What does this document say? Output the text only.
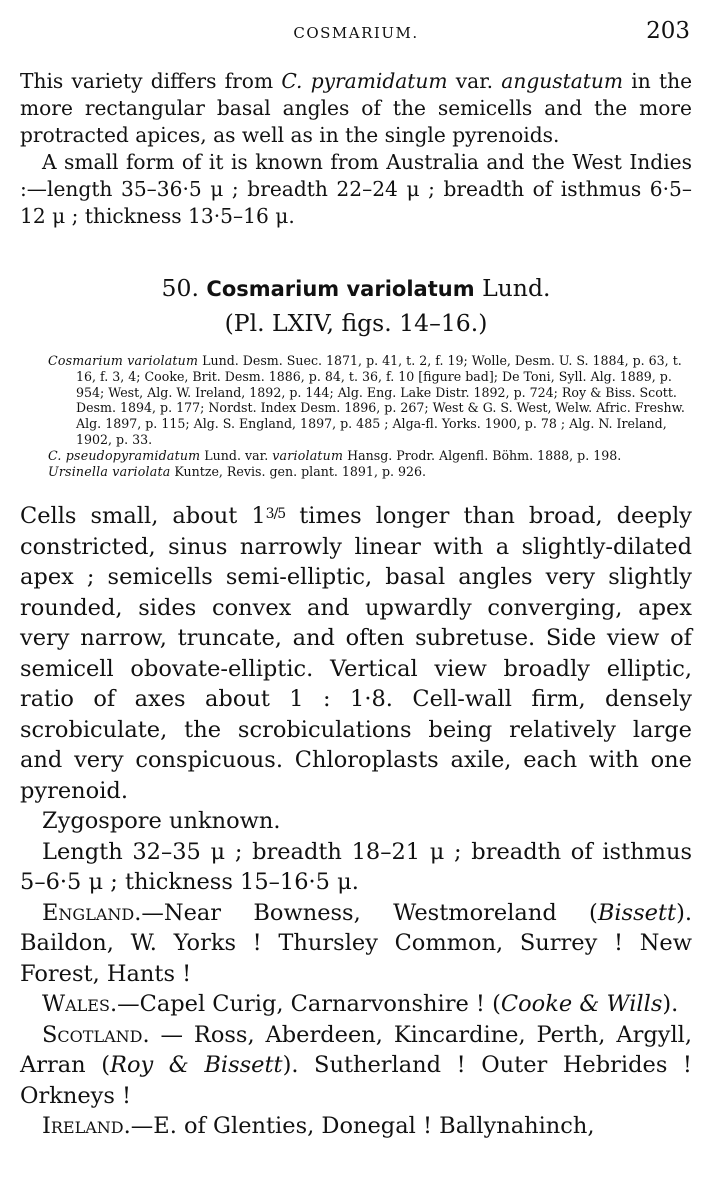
COSMARIUM.	203

This variety differs from C. pyramidatum var. angustatum in the more rectangular basal angles of the semicells and the more protracted apices, as well as in the single pyrenoids.

A small form of it is known from Australia and the West Indies :—length 35–36·5 μ ; breadth 22–24 μ ; breadth of isthmus 6·5–12 μ ; thickness 13·5–16 μ.

50. Cosmarium variolatum Lund.
(Pl. LXIV, figs. 14–16.)

Cosmarium variolatum Lund. Desm. Suec. 1871, p. 41, t. 2, f. 19; Wolle, Desm. U. S. 1884, p. 63, t. 16, f. 3, 4; Cooke, Brit. Desm. 1886, p. 84, t. 36, f. 10 [figure bad]; De Toni, Syll. Alg. 1889, p. 954; West, Alg. W. Ireland, 1892, p. 144; Alg. Eng. Lake Distr. 1892, p. 724; Roy & Biss. Scott. Desm. 1894, p. 177; Nordst. Index Desm. 1896, p. 267; West & G. S. West, Welw. Afric. Freshw. Alg. 1897, p. 115; Alg. S. England, 1897, p. 485 ; Alga-fl. Yorks. 1900, p. 78 ; Alg. N. Ireland, 1902, p. 33.

C. pseudopyramidatum Lund. var. variolatum Hansg. Prodr. Algenfl. Böhm. 1888, p. 198.

Ursinella variolata Kuntze, Revis. gen. plant. 1891, p. 926.

Cells small, about $1^{3/5}$ times longer than broad, deeply constricted, sinus narrowly linear with a slightly-dilated apex ; semicells semi-elliptic, basal angles very slightly rounded, sides convex and upwardly converging, apex very narrow, truncate, and often subretuse. Side view of semicell obovate-elliptic. Vertical view broadly elliptic, ratio of axes about 1 : 1·8. Cell-wall firm, densely scrobiculate, the scrobiculations being relatively large and very conspicuous. Chloroplasts axile, each with one pyrenoid.

Zygospore unknown.

Length 32–35 μ ; breadth 18–21 μ ; breadth of isthmus 5–6·5 μ ; thickness 15–16·5 μ.

England.—Near Bowness, Westmoreland (Bissett). Baildon, W. Yorks ! Thursley Common, Surrey ! New Forest, Hants !

Wales.—Capel Curig, Carnarvonshire ! (Cooke & Wills).

Scotland. — Ross, Aberdeen, Kincardine, Perth, Argyll, Arran (Roy & Bissett). Sutherland ! Outer Hebrides ! Orkneys !

Ireland.—E. of Glenties, Donegal ! Ballynahinch,
